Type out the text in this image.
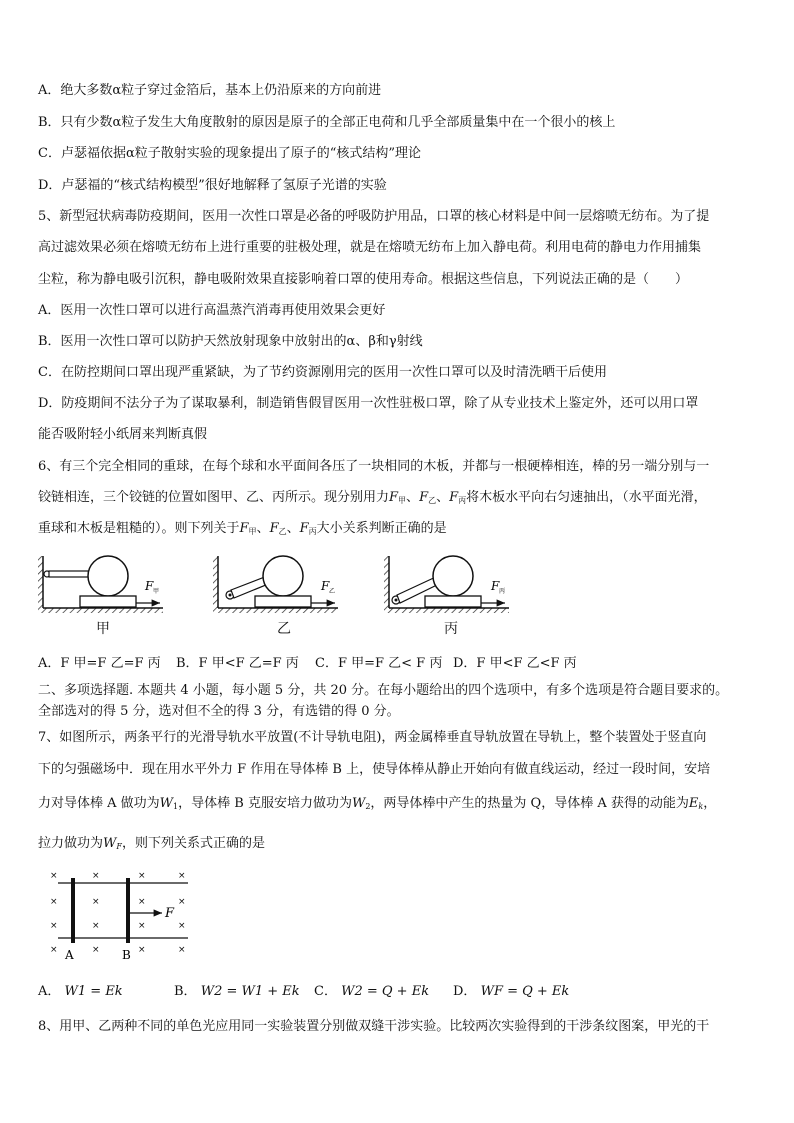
A．绝大多数α粒子穿过金箔后，基本上仍沿原来的方向前进
B．只有少数α粒子发生大角度散射的原因是原子的全部正电荷和几乎全部质量集中在一个很小的核上
C．卢瑟福依据α粒子散射实验的现象提出了原子的“核式结构”理论
D．卢瑟福的“核式结构模型”很好地解释了氢原子光谱的实验
5、新型冠状病毒防疫期间，医用一次性口罩是必备的呼吸防护用品，口罩的核心材料是中间一层熔喷无纺布。为了提
高过滤效果必须在熔喷无纺布上进行重要的驻极处理，就是在熔喷无纺布上加入静电荷。利用电荷的静电力作用捕集
尘粒，称为静电吸引沉积，静电吸附效果直接影响着口罩的使用寿命。根据这些信息，下列说法正确的是（　　）
A．医用一次性口罩可以进行高温蒸汽消毒再使用效果会更好
B．医用一次性口罩可以防护天然放射现象中放射出的α、β和γ射线
C．在防控期间口罩出现严重紧缺，为了节约资源刚用完的医用一次性口罩可以及时清洗晒干后使用
D．防疫期间不法分子为了谋取暴利，制造销售假冒医用一次性驻极口罩，除了从专业技术上鉴定外，还可以用口罩
能否吸附轻小纸屑来判断真假
6、有三个完全相同的重球，在每个球和水平面间各压了一块相同的木板，并都与一根硬棒相连，棒的另一端分别与一
铰链相连，三个铰链的位置如图甲、乙、丙所示。现分别用力$F_甲$、$F_乙$、$F_丙$将木板水平向右匀速抽出，（水平面光滑，
重球和木板是粗糙的）。则下列关于$F_甲$、$F_乙$、$F_丙$大小关系判断正确的是
F 甲	F 乙	F 丙
甲	乙	丙
A．F 甲=F 乙=F 丙 B．F 甲<F 乙=F 丙 C．F 甲=F 乙< F 丙 D．F 甲<F 乙<F 丙
二、多项选择题. 本题共 4 小题，每小题 5 分，共 20 分。在每小题给出的四个选项中，有多个选项是符合题目要求的。
全部选对的得 5 分，选对但不全的得 3 分，有选错的得 0 分。
7、如图所示，两条平行的光滑导轨水平放置(不计导轨电阻)，两金属棒垂直导轨放置在导轨上，整个装置处于竖直向
下的匀强磁场中．现在用水平外力 F 作用在导体棒 B 上，使导体棒从静止开始向有做直线运动，经过一段时间，安培
力对导体棒 A 做功为$W_1$，导体棒 B 克服安培力做功为$W_2$，两导体棒中产生的热量为 Q，导体棒 A 获得的动能为$E_k$，
拉力做功为$W_F$，则下列关系式正确的是
×	×	×	×
×	×	×	×
×	×	×	×
×	×	×	×
F
A	B
A． W1 = Ek	B． W2 = W1 + Ek C． W2 = Q + Ek D． WF = Q + Ek
8、用甲、乙两种不同的单色光应用同一实验装置分别做双缝干涉实验。比较两次实验得到的干涉条纹图案，甲光的干
